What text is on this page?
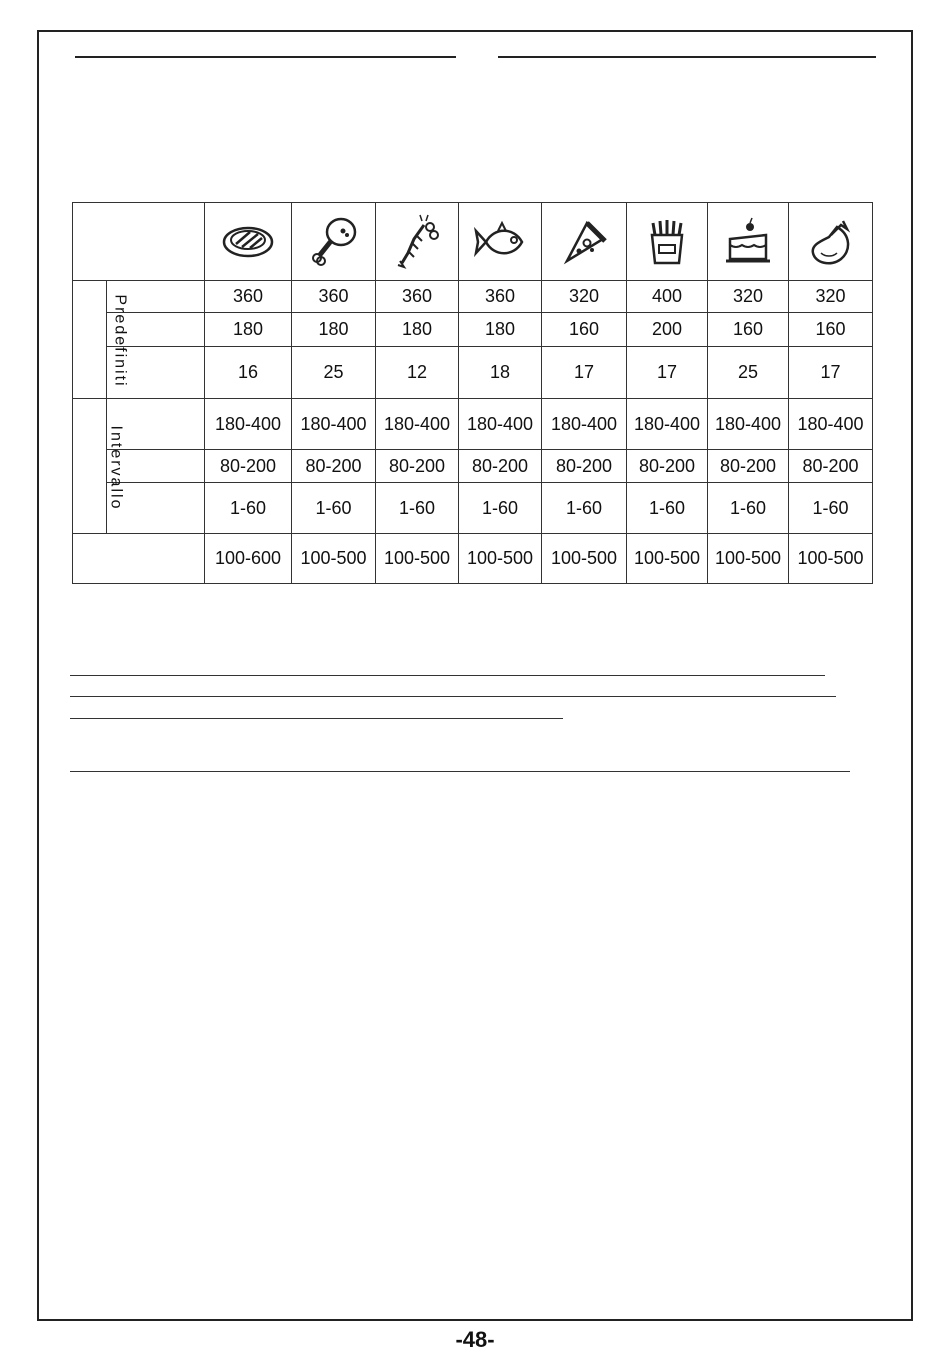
Predefiniti		360	360	360	360	320	400	320	320
		180	180	180	180	160	200	160	160
		16	25	12	18	17	17	25	17
Intervallo		180-400	180-400	180-400	180-400	180-400	180-400	180-400	180-400
		80-200	80-200	80-200	80-200	80-200	80-200	80-200	80-200
		1-60	1-60	1-60	1-60	1-60	1-60	1-60	1-60
		100-600	100-500	100-500	100-500	100-500	100-500	100-500	100-500
-48-
